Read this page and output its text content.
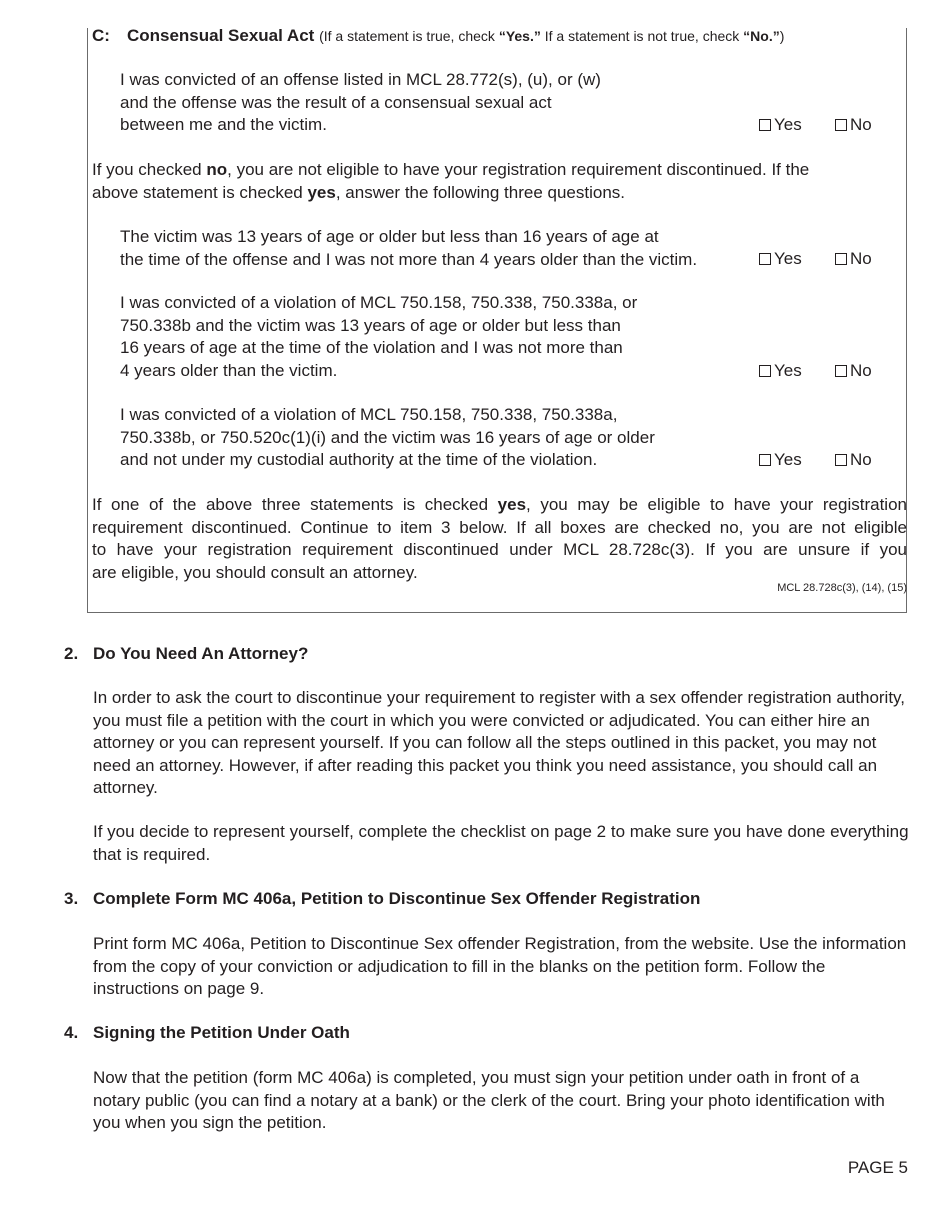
C: Consensual Sexual Act (If a statement is true, check “Yes.” If a statement is not true, check “No.”)
I was convicted of an offense listed in MCL 28.772(s), (u), or (w)
and the offense was the result of a consensual sexual act
between me and the victim.	Yes	No
If you checked no, you are not eligible to have your registration requirement discontinued. If the
above statement is checked yes, answer the following three questions.
The victim was 13 years of age or older but less than 16 years of age at
the time of the offense and I was not more than 4 years older than the victim.	Yes	No
I was convicted of a violation of MCL 750.158, 750.338, 750.338a, or
750.338b and the victim was 13 years of age or older but less than
16 years of age at the time of the violation and I was not more than
4 years older than the victim.	Yes	No
I was convicted of a violation of MCL 750.158, 750.338, 750.338a,
750.338b, or 750.520c(1)(i) and the victim was 16 years of age or older
and not under my custodial authority at the time of the violation.	Yes	No
If one of the above three statements is checked yes, you may be eligible to have your registration
requirement discontinued. Continue to item 3 below. If all boxes are checked no, you are not eligible
to have your registration requirement discontinued under MCL 28.728c(3). If you are unsure if you
are eligible, you should consult an attorney.
MCL 28.728c(3), (14), (15)
2. Do You Need An Attorney?
In order to ask the court to discontinue your requirement to register with a sex offender registration authority, you must file a petition with the court in which you were convicted or adjudicated. You can either hire an attorney or you can represent yourself. If you can follow all the steps outlined in this packet, you may not need an attorney. However, if after reading this packet you think you need assistance, you should call an attorney.
If you decide to represent yourself, complete the checklist on page 2 to make sure you have done everything that is required.
3. Complete Form MC 406a, Petition to Discontinue Sex Offender Registration
Print form MC 406a, Petition to Discontinue Sex offender Registration, from the website. Use the information from the copy of your conviction or adjudication to fill in the blanks on the petition form. Follow the instructions on page 9.
4. Signing the Petition Under Oath
Now that the petition (form MC 406a) is completed, you must sign your petition under oath in front of a notary public (you can find a notary at a bank) or the clerk of the court. Bring your photo identification with you when you sign the petition.
PAGE 5
